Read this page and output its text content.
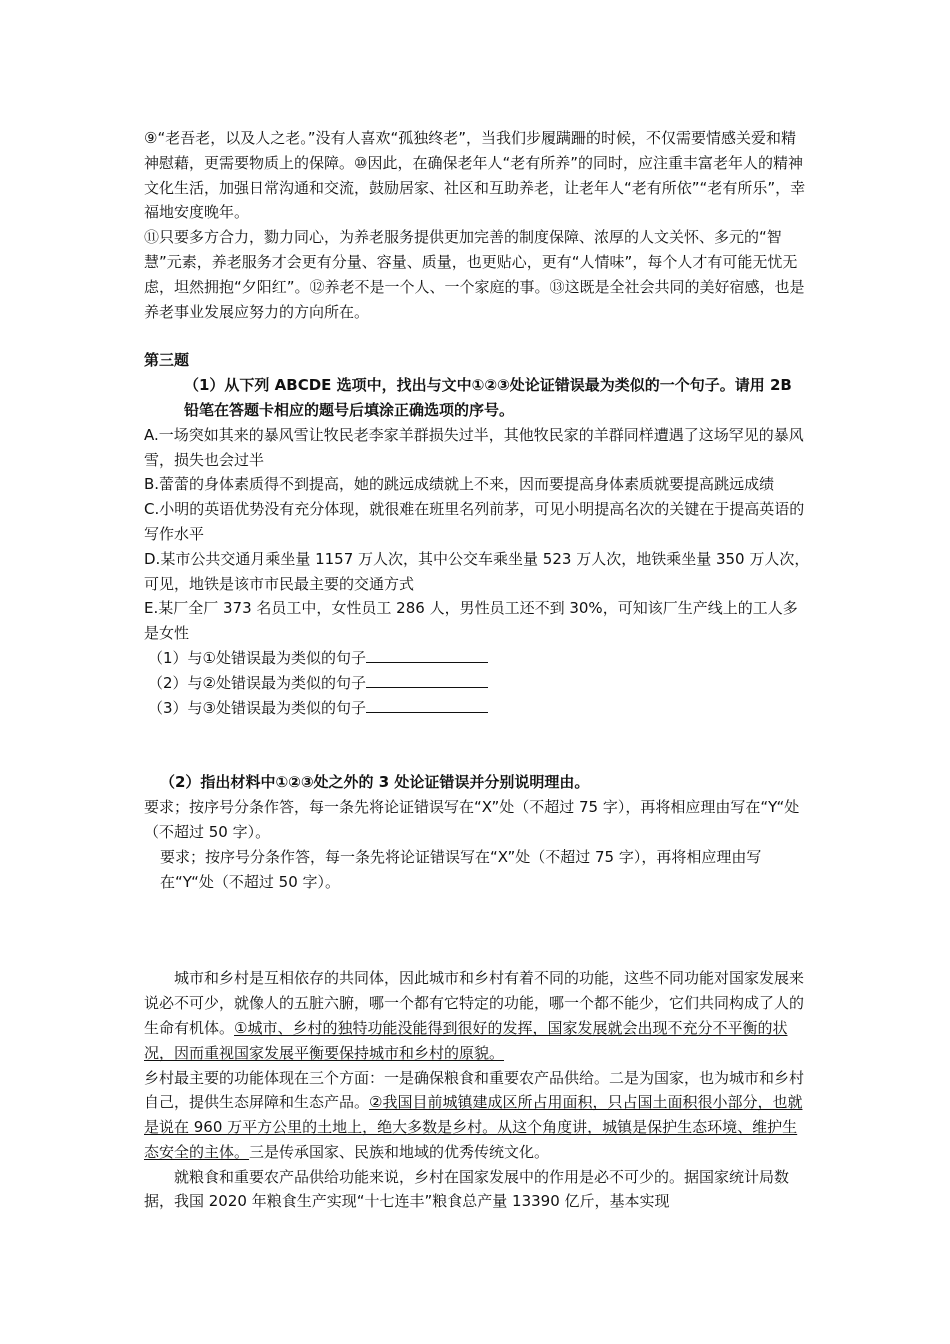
⑨“老吾老，以及人之老。”没有人喜欢“孤独终老”，当我们步履蹒跚的时候，不仅需要情感关爱和精神慰藉，更需要物质上的保障。⑩因此，在确保老年人“老有所养”的同时，应注重丰富老年人的精神文化生活，加强日常沟通和交流，鼓励居家、社区和互助养老，让老年人“老有所依”“老有所乐”，幸福地安度晚年。

⑪只要多方合力，勠力同心，为养老服务提供更加完善的制度保障、浓厚的人文关怀、多元的“智慧”元素，养老服务才会更有分量、容量、质量，也更贴心，更有“人情味”，每个人才有可能无忧无虑，坦然拥抱“夕阳红”。⑫养老不是一个人、一个家庭的事。⑬这既是全社会共同的美好宿感，也是养老事业发展应努力的方向所在。

第三题

（1）从下列 ABCDE 选项中，找出与文中①②③处论证错误最为类似的一个句子。请用 2B 铅笔在答题卡相应的题号后填涂正确选项的序号。

A.一场突如其来的暴风雪让牧民老李家羊群损失过半，其他牧民家的羊群同样遭遇了这场罕见的暴风雪，损失也会过半

B.蕾蕾的身体素质得不到提高，她的跳远成绩就上不来，因而要提高身体素质就要提高跳远成绩

C.小明的英语优势没有充分体现，就很难在班里名列前茅，可见小明提高名次的关键在于提高英语的写作水平

D.某市公共交通月乘坐量 1157 万人次，其中公交车乘坐量 523 万人次，地铁乘坐量 350 万人次，可见，地铁是该市市民最主要的交通方式

E.某厂全厂 373 名员工中，女性员工 286 人，男性员工还不到 30%，可知该厂生产线上的工人多是女性

（1）与①处错误最为类似的句子

（2）与②处错误最为类似的句子

（3）与③处错误最为类似的句子

（2）指出材料中①②③处之外的 3 处论证错误并分别说明理由。

要求；按序号分条作答，每一条先将论证错误写在“X”处（不超过 75 字），再将相应理由写在“Y“处（不超过 50 字）。

要求；按序号分条作答，每一条先将论证错误写在“X”处（不超过 75 字），再将相应理由写在“Y“处（不超过 50 字）。

城市和乡村是互相依存的共同体，因此城市和乡村有着不同的功能，这些不同功能对国家发展来说必不可少，就像人的五脏六腑，哪一个都有它特定的功能，哪一个都不能少，它们共同构成了人的生命有机体。①城市、乡村的独特功能没能得到很好的发挥，国家发展就会出现不充分不平衡的状况，因而重视国家发展平衡要保持城市和乡村的原貌。

乡村最主要的功能体现在三个方面：一是确保粮食和重要农产品供给。二是为国家，也为城市和乡村自己，提供生态屏障和生态产品。②我国目前城镇建成区所占用面积，只占国土面积很小部分，也就是说在 960 万平方公里的土地上，绝大多数是乡村。从这个角度讲，城镇是保护生态环境、维护生态安全的主体。三是传承国家、民族和地域的优秀传统文化。

就粮食和重要农产品供给功能来说，乡村在国家发展中的作用是必不可少的。据国家统计局数据，我国 2020 年粮食生产实现“十七连丰”粮食总产量 13390 亿斤，基本实现
